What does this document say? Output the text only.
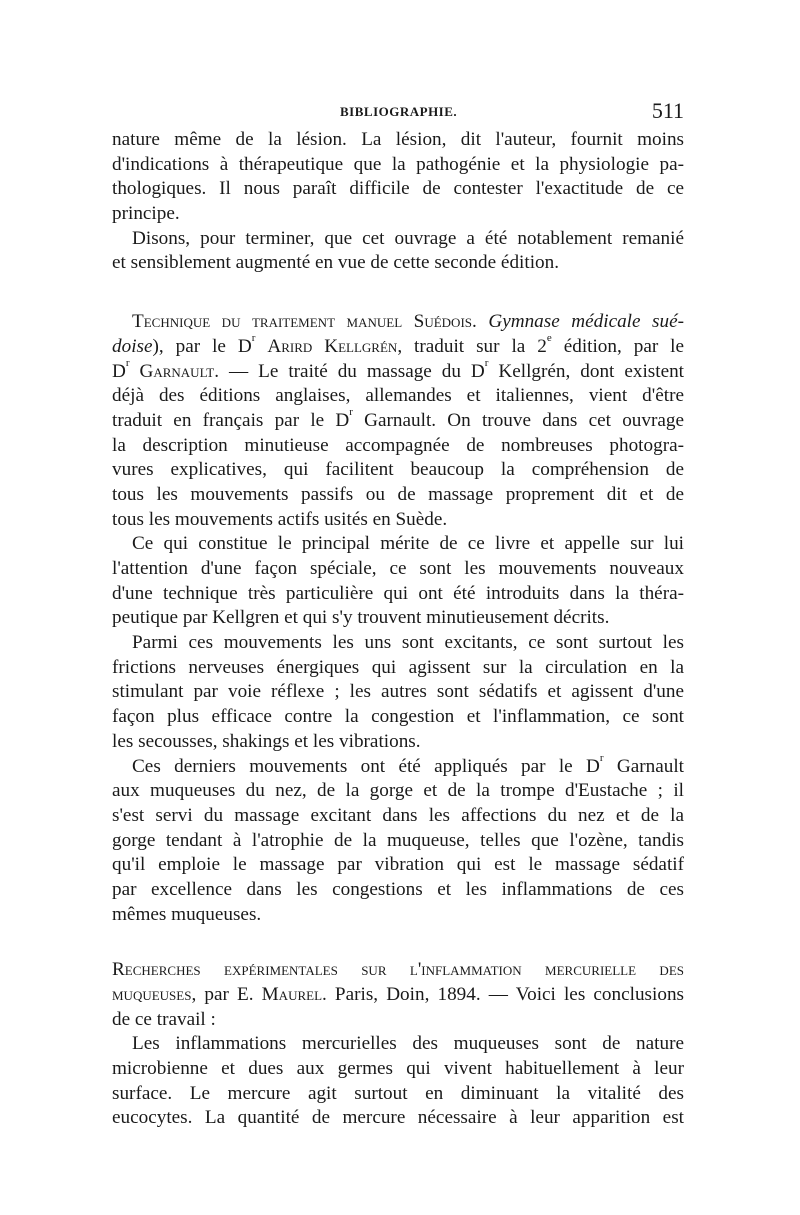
BIBLIOGRAPHIE.	511
nature même de la lésion. La lésion, dit l'auteur, fournit moins
d'indications à thérapeutique que la pathogénie et la physiologie pa-
thologiques. Il nous paraît difficile de contester l'exactitude de ce
principe.
Disons, pour terminer, que cet ouvrage a été notablement remanié
et sensiblement augmenté en vue de cette seconde édition.
Technique du traitement manuel Suédois. Gymnase médicale sué-
doise), par le $D^r$ Arird Kellgrén, traduit sur la 2e édition, par le
$D^r$ Garnault. — Le traité du massage du $D^r$ Kellgrén, dont existent
déjà des éditions anglaises, allemandes et italiennes, vient d'être
traduit en français par le $D^r$ Garnault. On trouve dans cet ouvrage
la description minutieuse accompagnée de nombreuses photogra-
vures explicatives, qui facilitent beaucoup la compréhension de
tous les mouvements passifs ou de massage proprement dit et de
tous les mouvements actifs usités en Suède.
Ce qui constitue le principal mérite de ce livre et appelle sur lui
l'attention d'une façon spéciale, ce sont les mouvements nouveaux
d'une technique très particulière qui ont été introduits dans la théra-
peutique par Kellgren et qui s'y trouvent minutieusement décrits.
Parmi ces mouvements les uns sont excitants, ce sont surtout les
frictions nerveuses énergiques qui agissent sur la circulation en la
stimulant par voie réflexe ; les autres sont sédatifs et agissent d'une
façon plus efficace contre la congestion et l'inflammation, ce sont
les secousses, shakings et les vibrations.
Ces derniers mouvements ont été appliqués par le $D^r$ Garnault
aux muqueuses du nez, de la gorge et de la trompe d'Eustache ; il
s'est servi du massage excitant dans les affections du nez et de la
gorge tendant à l'atrophie de la muqueuse, telles que l'ozène, tandis
qu'il emploie le massage par vibration qui est le massage sédatif
par excellence dans les congestions et les inflammations de ces
mêmes muqueuses.
Recherches expérimentales sur l'inflammation mercurielle des
muqueuses, par E. Maurel. Paris, Doin, 1894. — Voici les conclusions
de ce travail :
Les inflammations mercurielles des muqueuses sont de nature
microbienne et dues aux germes qui vivent habituellement à leur
surface. Le mercure agit surtout en diminuant la vitalité des
eucocytes. La quantité de mercure nécessaire à leur apparition est
